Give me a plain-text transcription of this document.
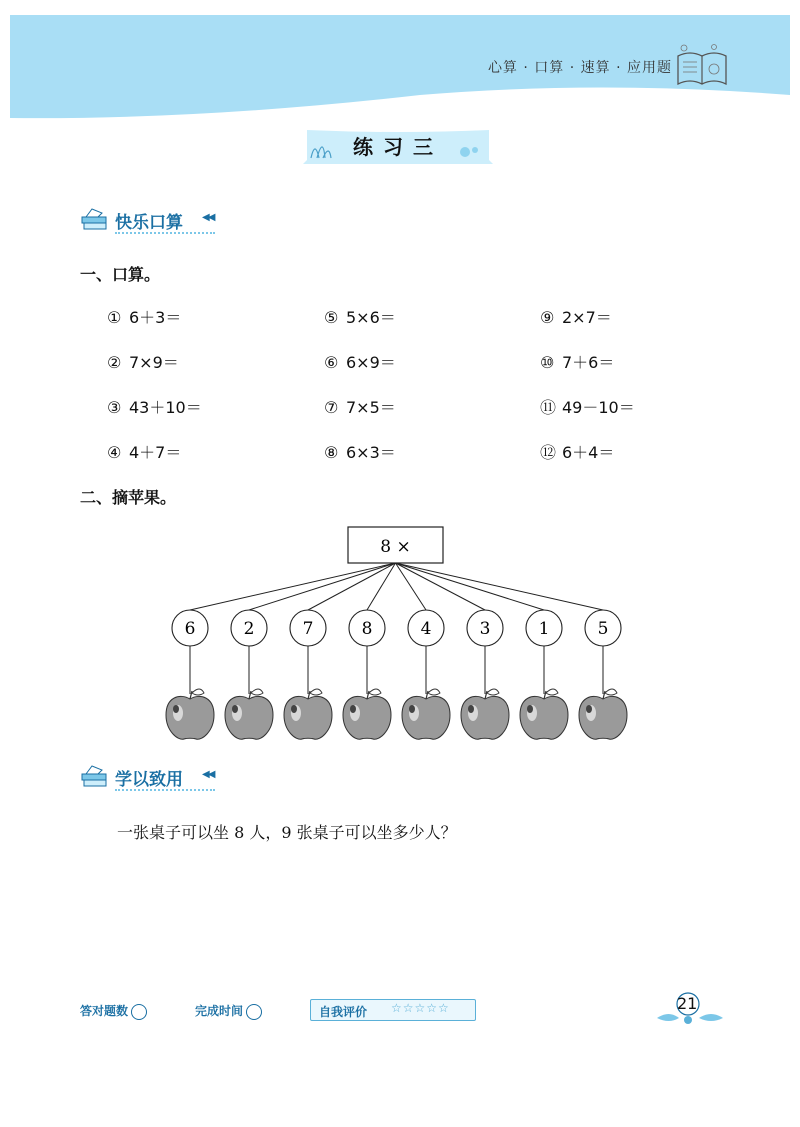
心算 · 口算 · 速算 · 应用题
练习三
快乐口算 ◀◀
一、口算。
① 6＋3＝
② 7×9＝
③ 43＋10＝
④ 4＋7＝
⑤ 5×6＝
⑥ 6×9＝
⑦ 7×5＝
⑧ 6×3＝
⑨ 2×7＝
⑩ 7＋6＝
⑪ 49－10＝
⑫ 6＋4＝
二、摘苹果。
8 ×
6	2	7	8	4	3	1	5
学以致用 ◀◀
一张桌子可以坐 8 人，9 张桌子可以坐多少人？
答对题数	完成时间	自我评价 ☆☆☆☆☆	21
